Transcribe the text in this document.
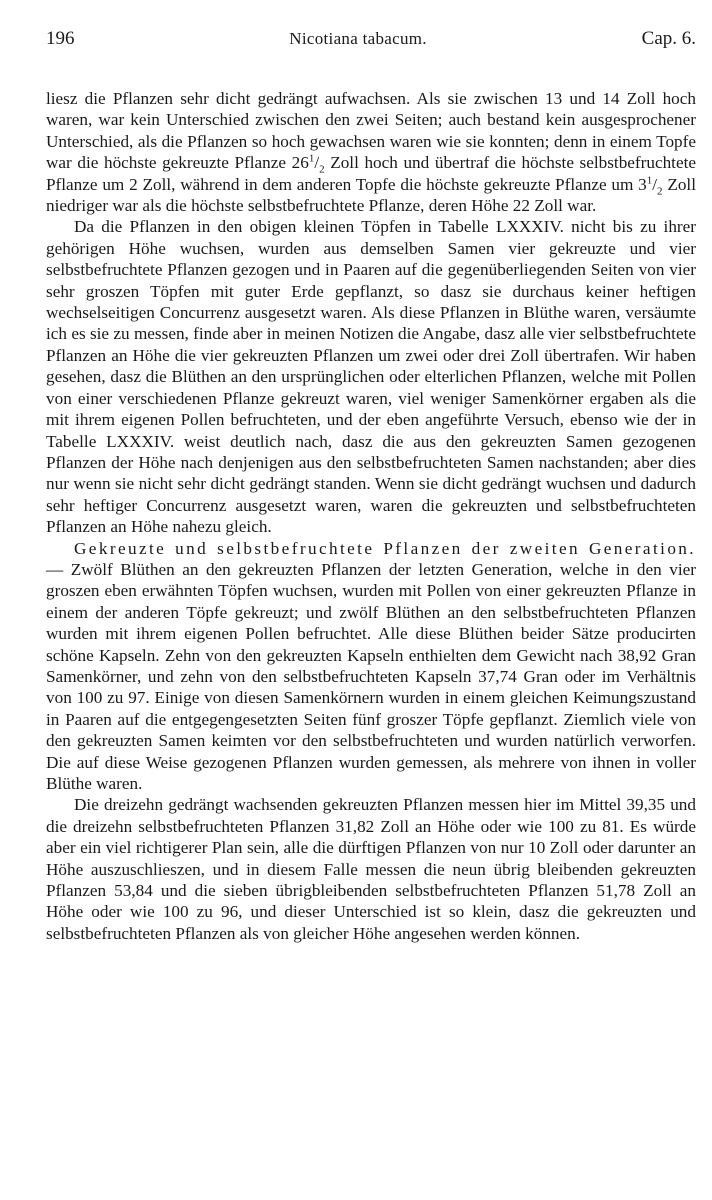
196	Nicotiana tabacum.	Cap. 6.

liesz die Pflanzen sehr dicht gedrängt aufwachsen. Als sie zwischen 13 und 14 Zoll hoch waren, war kein Unterschied zwischen den zwei Seiten; auch bestand kein ausgesprochener Unterschied, als die Pflanzen so hoch gewachsen waren wie sie konnten; denn in einem Topfe war die höchste gekreuzte Pflanze $26^1/_2$ Zoll hoch und übertraf die höchste selbstbefruchtete Pflanze um 2 Zoll, während in dem anderen Topfe die höchste gekreuzte Pflanze um $3^1/_2$ Zoll niedriger war als die höchste selbstbefruchtete Pflanze, deren Höhe 22 Zoll war.

Da die Pflanzen in den obigen kleinen Töpfen in Tabelle LXXXIV. nicht bis zu ihrer gehörigen Höhe wuchsen, wurden aus demselben Samen vier gekreuzte und vier selbstbefruchtete Pflanzen gezogen und in Paaren auf die gegenüberliegenden Seiten von vier sehr groszen Töpfen mit guter Erde gepflanzt, so dasz sie durchaus keiner heftigen wechselseitigen Concurrenz ausgesetzt waren. Als diese Pflanzen in Blüthe waren, versäumte ich es sie zu messen, finde aber in meinen Notizen die Angabe, dasz alle vier selbstbefruchtete Pflanzen an Höhe die vier gekreuzten Pflanzen um zwei oder drei Zoll übertrafen. Wir haben gesehen, dasz die Blüthen an den ursprünglichen oder elterlichen Pflanzen, welche mit Pollen von einer verschiedenen Pflanze gekreuzt waren, viel weniger Samenkörner ergaben als die mit ihrem eigenen Pollen befruchteten, und der eben angeführte Versuch, ebenso wie der in Tabelle LXXXIV. weist deutlich nach, dasz die aus den gekreuzten Samen gezogenen Pflanzen der Höhe nach denjenigen aus den selbstbefruchteten Samen nachstanden; aber dies nur wenn sie nicht sehr dicht gedrängt standen. Wenn sie dicht gedrängt wuchsen und dadurch sehr heftiger Concurrenz ausgesetzt waren, waren die gekreuzten und selbstbefruchteten Pflanzen an Höhe nahezu gleich.

Gekreuzte und selbstbefruchtete Pflanzen der zweiten Generation. — Zwölf Blüthen an den gekreuzten Pflanzen der letzten Generation, welche in den vier groszen eben erwähnten Töpfen wuchsen, wurden mit Pollen von einer gekreuzten Pflanze in einem der anderen Töpfe gekreuzt; und zwölf Blüthen an den selbstbefruchteten Pflanzen wurden mit ihrem eigenen Pollen befruchtet. Alle diese Blüthen beider Sätze producirten schöne Kapseln. Zehn von den gekreuzten Kapseln enthielten dem Gewicht nach 38,92 Gran Samenkörner, und zehn von den selbstbefruchteten Kapseln 37,74 Gran oder im Verhältnis von 100 zu 97. Einige von diesen Samenkörnern wurden in einem gleichen Keimungszustand in Paaren auf die entgegengesetzten Seiten fünf groszer Töpfe gepflanzt. Ziemlich viele von den gekreuzten Samen keimten vor den selbstbefruchteten und wurden natürlich verworfen. Die auf diese Weise gezogenen Pflanzen wurden gemessen, als mehrere von ihnen in voller Blüthe waren.

Die dreizehn gedrängt wachsenden gekreuzten Pflanzen messen hier im Mittel 39,35 und die dreizehn selbstbefruchteten Pflanzen 31,82 Zoll an Höhe oder wie 100 zu 81. Es würde aber ein viel richtigerer Plan sein, alle die dürftigen Pflanzen von nur 10 Zoll oder darunter an Höhe auszuschlieszen, und in diesem Falle messen die neun übrig bleibenden gekreuzten Pflanzen 53,84 und die sieben übrigbleibenden selbstbefruchteten Pflanzen 51,78 Zoll an Höhe oder wie 100 zu 96, und dieser Unterschied ist so klein, dasz die gekreuzten und selbstbefruchteten Pflanzen als von gleicher Höhe angesehen werden können.
